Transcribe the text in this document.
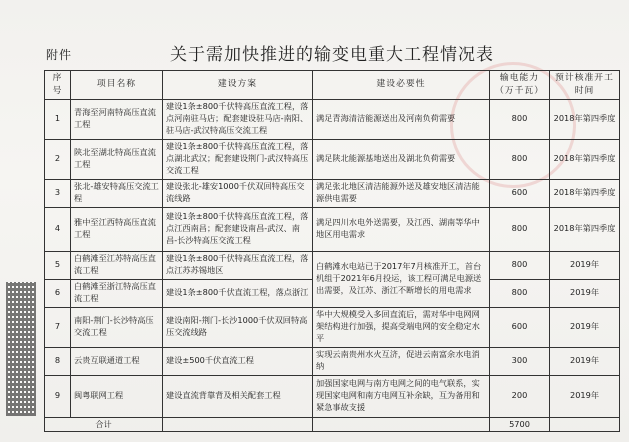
附件	关于需加快推进的输变电重大工程情况表
序号	项目名称	建设方案	建设必要性	输电能力（万千瓦）	预计核准开工时间
1	青海至河南特高压直流工程	建设1条±800千伏特高压直流工程，落点河南驻马店；配套建设驻马店-南阳、驻马店-武汉特高压交流工程	满足青海清洁能源送出及河南负荷需要	800	2018年第四季度
2	陕北至湖北特高压直流工程	建设1条±800千伏特高压直流工程，落点湖北武汉；配套建设荆门-武汉特高压交流工程	满足陕北能源基地送出及湖北负荷需要	800	2018年第四季度
3	张北-雄安特高压交流工程	建设张北-雄安1000千伏双回特高压交流线路	满足张北地区清洁能源外送及雄安地区清洁能源供电需要	600	2018年第四季度
4	雅中至江西特高压直流工程	建设1条±800千伏特高压直流工程，落点江西南昌；配套建设南昌-武汉、南昌-长沙特高压交流工程	满足四川水电外送需要，及江西、湖南等华中地区用电需求	800	2018年第四季度
5	白鹤滩至江苏特高压直流工程	建设1条±800千伏特高压直流工程，落点江苏苏锡地区	白鹤滩水电站已于2017年7月核准开工，首台机组于2021年6月投运，该工程可满足电源送出需要，及江苏、浙江不断增长的用电需求	800	2019年
6	白鹤滩至浙江特高压直流工程	建设1条±800千伏直流工程，落点浙江		800	2019年
7	南阳-荆门-长沙特高压交流工程	建设南阳-荆门-长沙1000千伏双回特高压交流线路	华中大规模受入多回直流后，需对华中电网网架结构进行加强，提高受端电网的安全稳定水平	600	2019年
8	云贵互联通道工程	建设±500千伏直流工程	实现云南贵州水火互济，促进云南富余水电消纳	300	2019年
9	闽粤联网工程	建设直流背靠背及相关配套工程	加强国家电网与南方电网之间的电气联系，实现国家电网和南方电网互补余缺，互为备用和紧急事故支援	200	2019年
合计				5700	
